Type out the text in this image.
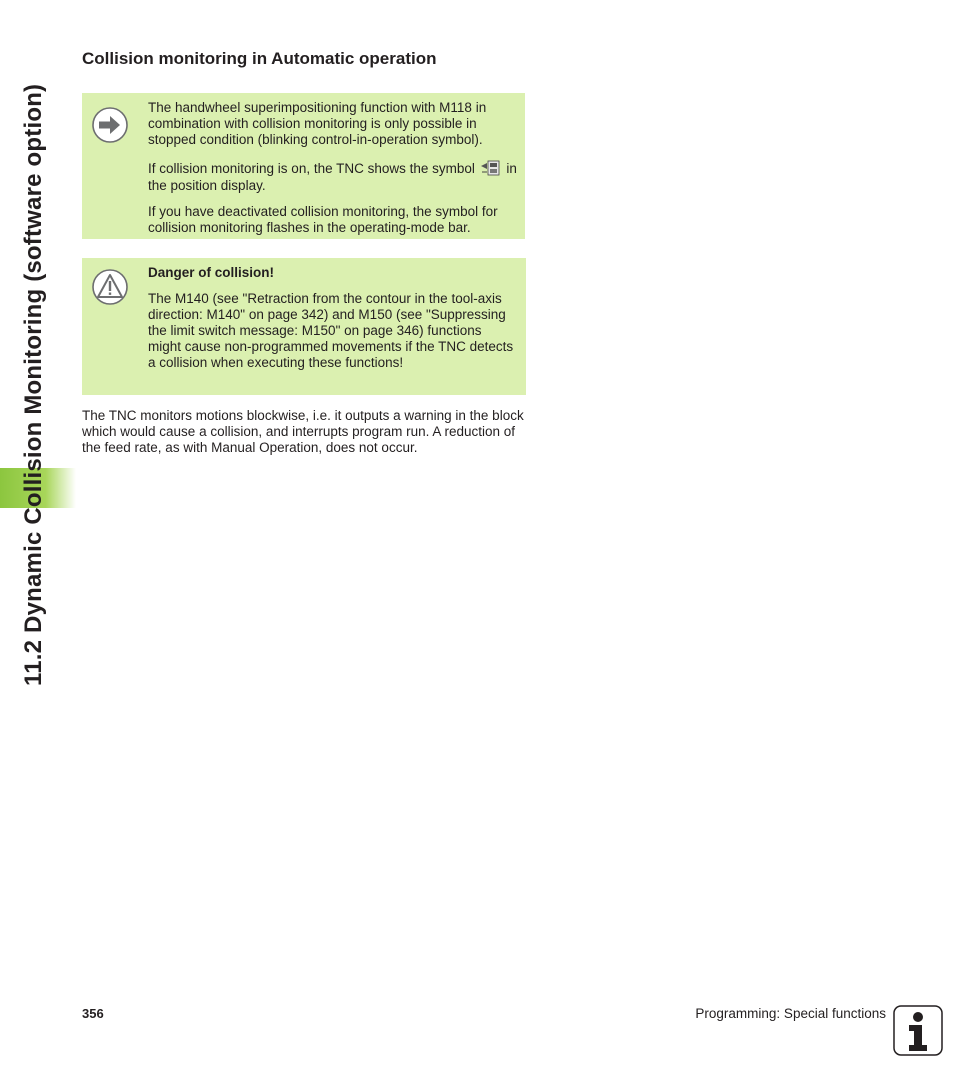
11.2 Dynamic Collision Monitoring (software option)
Collision monitoring in Automatic operation

The handwheel superimpositioning function with M118 in combination with collision monitoring is only possible in stopped condition (blinking control-in-operation symbol).

If collision monitoring is on, the TNC shows the symbol in the position display.

If you have deactivated collision monitoring, the symbol for collision monitoring flashes in the operating-mode bar.

Danger of collision!

The M140 (see "Retraction from the contour in the tool-axis direction: M140" on page 342) and M150 (see "Suppressing the limit switch message: M150" on page 346) functions might cause non-programmed movements if the TNC detects a collision when executing these functions!

The TNC monitors motions blockwise, i.e. it outputs a warning in the block which would cause a collision, and interrupts program run. A reduction of the feed rate, as with Manual Operation, does not occur.

356	Programming: Special functions
